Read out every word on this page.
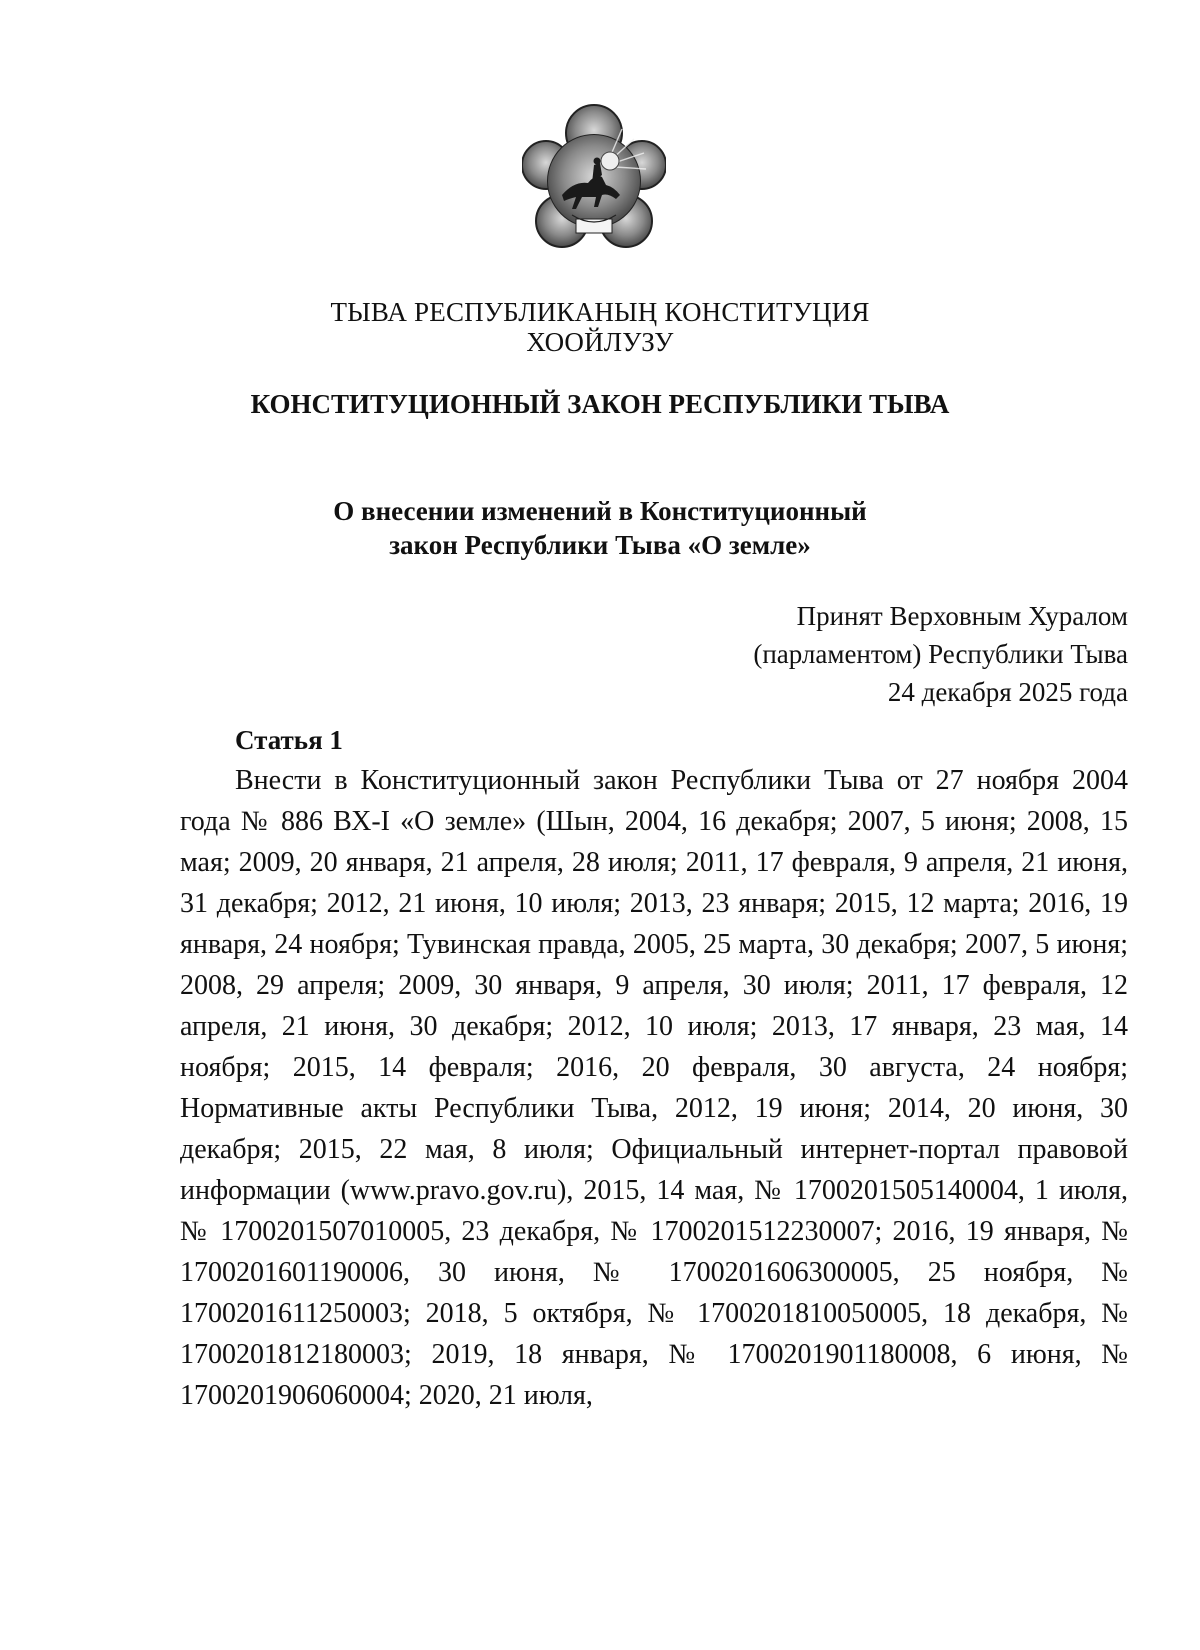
ТЫВА РЕСПУБЛИКАНЫҢ КОНСТИТУЦИЯ
ХООЙЛУЗУ
КОНСТИТУЦИОННЫЙ ЗАКОН РЕСПУБЛИКИ ТЫВА
О внесении изменений в Конституционный
закон Республики Тыва «О земле»
Принят Верховным Хуралом
(парламентом) Республики Тыва
24 декабря 2025 года
Статья 1

Внести в Конституционный закон Республики Тыва от 27 ноября 2004 года № 886 ВХ-I «О земле» (Шын, 2004, 16 декабря; 2007, 5 июня; 2008, 15 мая; 2009, 20 января, 21 апреля, 28 июля; 2011, 17 февраля, 9 апреля, 21 июня, 31 декабря; 2012, 21 июня, 10 июля; 2013, 23 января; 2015, 12 марта; 2016, 19 января, 24 ноября; Тувинская правда, 2005, 25 марта, 30 декабря; 2007, 5 июня; 2008, 29 апреля; 2009, 30 января, 9 апреля, 30 июля; 2011, 17 февраля, 12 апреля, 21 июня, 30 декабря; 2012, 10 июля; 2013, 17 января, 23 мая, 14 ноября; 2015, 14 февраля; 2016, 20 февраля, 30 августа, 24 ноября; Нормативные акты Республики Тыва, 2012, 19 июня; 2014, 20 июня, 30 декабря; 2015, 22 мая, 8 июля; Официальный интернет-портал правовой информации (www.pravo.gov.ru), 2015, 14 мая, № 1700201505140004, 1 июля, № 1700201507010005, 23 декабря, № 1700201512230007; 2016, 19 января, № 1700201601190006, 30 июня, № 1700201606300005, 25 ноября, № 1700201611250003; 2018, 5 октября, № 1700201810050005, 18 декабря, № 1700201812180003; 2019, 18 января, № 1700201901180008, 6 июня, № 1700201906060004; 2020, 21 июля,
